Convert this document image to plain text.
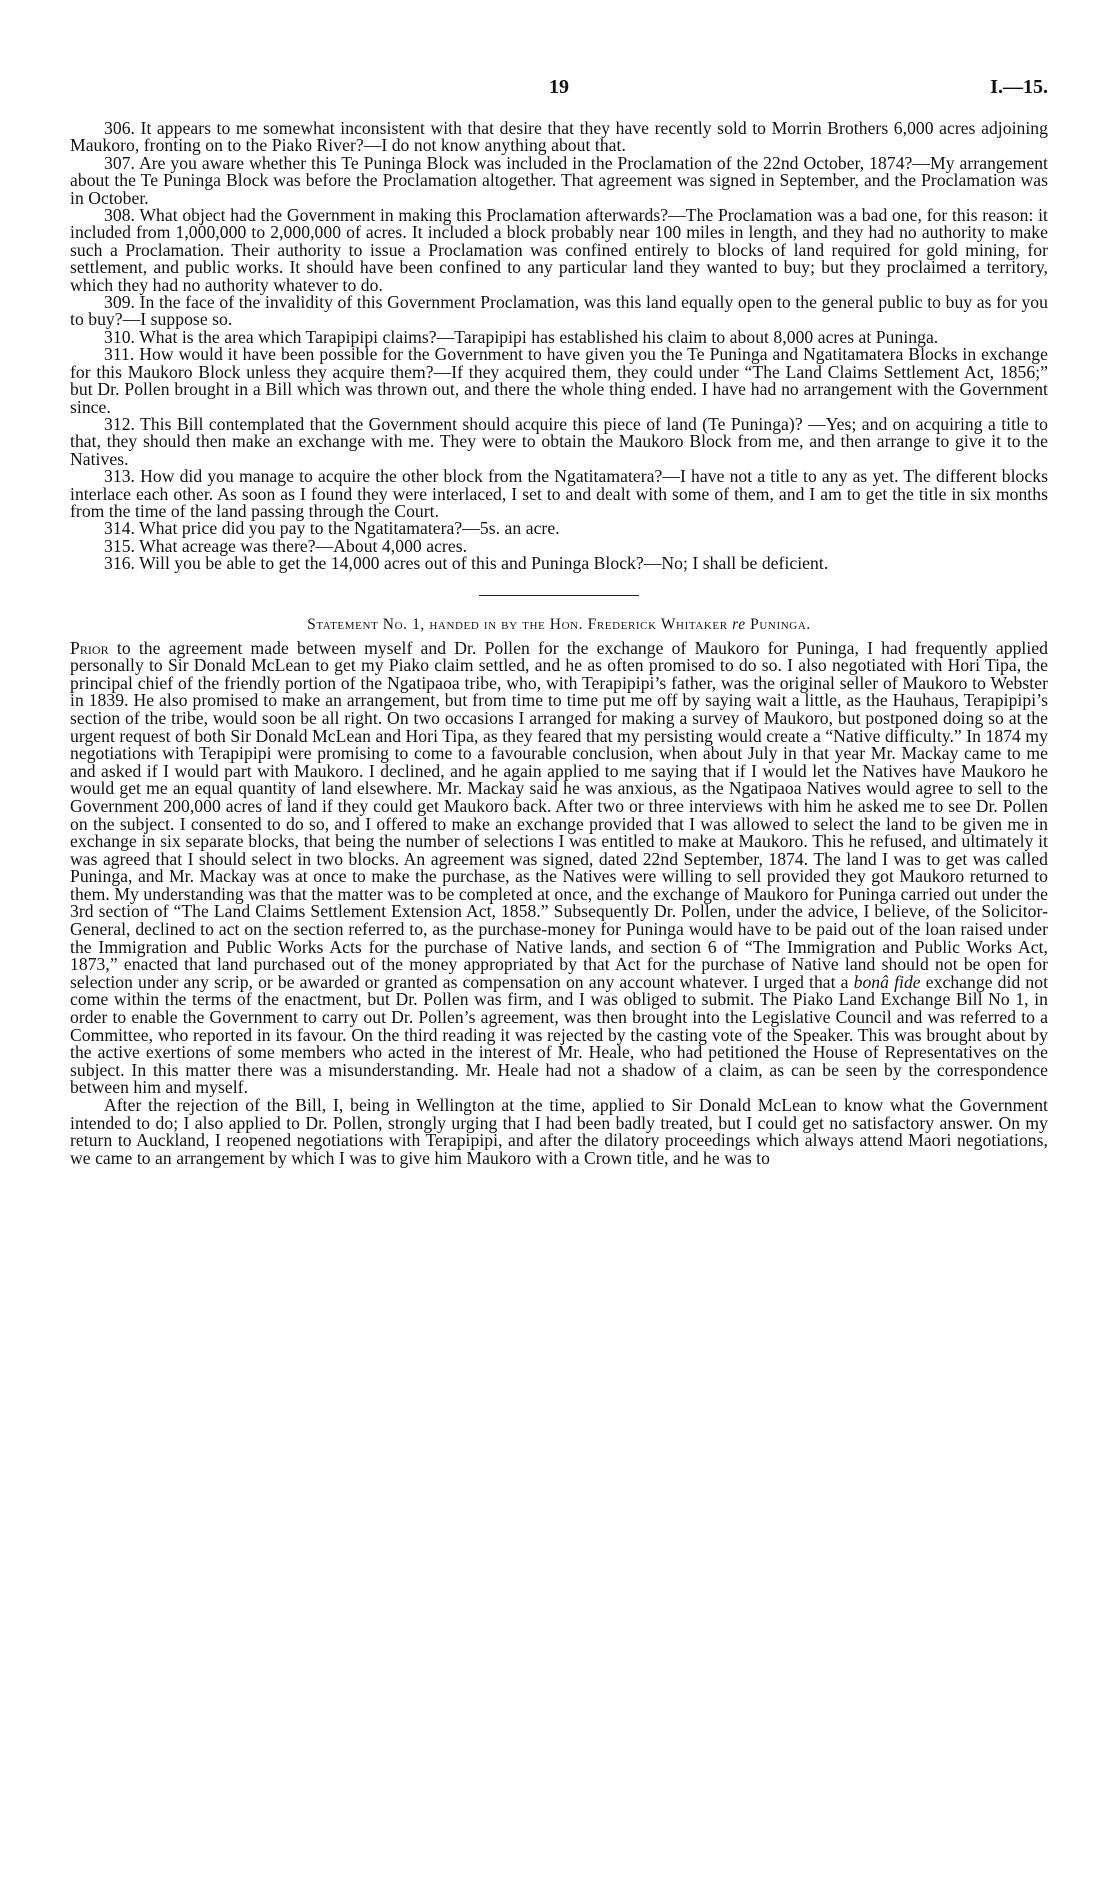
19	I.—15.

306. It appears to me somewhat inconsistent with that desire that they have recently sold to Morrin Brothers 6,000 acres adjoining Maukoro, fronting on to the Piako River?—I do not know anything about that.

307. Are you aware whether this Te Puninga Block was included in the Proclamation of the 22nd October, 1874?—My arrangement about the Te Puninga Block was before the Proclamation altogether. That agreement was signed in September, and the Proclamation was in October.

308. What object had the Government in making this Proclamation afterwards?—The Proclamation was a bad one, for this reason: it included from 1,000,000 to 2,000,000 of acres. It included a block probably near 100 miles in length, and they had no authority to make such a Proclamation. Their authority to issue a Proclamation was confined entirely to blocks of land required for gold mining, for settlement, and public works. It should have been confined to any particular land they wanted to buy; but they proclaimed a territory, which they had no authority whatever to do.

309. In the face of the invalidity of this Government Proclamation, was this land equally open to the general public to buy as for you to buy?—I suppose so.

310. What is the area which Tarapipipi claims?—Tarapipipi has established his claim to about 8,000 acres at Puninga.

311. How would it have been possible for the Government to have given you the Te Puninga and Ngatitamatera Blocks in exchange for this Maukoro Block unless they acquire them?—If they acquired them, they could under “The Land Claims Settlement Act, 1856;” but Dr. Pollen brought in a Bill which was thrown out, and there the whole thing ended. I have had no arrangement with the Government since.

312. This Bill contemplated that the Government should acquire this piece of land (Te Puninga)? —Yes; and on acquiring a title to that, they should then make an exchange with me. They were to obtain the Maukoro Block from me, and then arrange to give it to the Natives.

313. How did you manage to acquire the other block from the Ngatitamatera?—I have not a title to any as yet. The different blocks interlace each other. As soon as I found they were interlaced, I set to and dealt with some of them, and I am to get the title in six months from the time of the land passing through the Court.

314. What price did you pay to the Ngatitamatera?—5s. an acre.

315. What acreage was there?—About 4,000 acres.

316. Will you be able to get the 14,000 acres out of this and Puninga Block?—No; I shall be deficient.

Statement No. 1, handed in by the Hon. Frederick Whitaker re Puninga.

Prior to the agreement made between myself and Dr. Pollen for the exchange of Maukoro for Puninga, I had frequently applied personally to Sir Donald McLean to get my Piako claim settled, and he as often promised to do so. I also negotiated with Hori Tipa, the principal chief of the friendly portion of the Ngatipaoa tribe, who, with Terapipipi’s father, was the original seller of Maukoro to Webster in 1839. He also promised to make an arrangement, but from time to time put me off by saying wait a little, as the Hauhaus, Terapipipi’s section of the tribe, would soon be all right. On two occasions I arranged for making a survey of Maukoro, but postponed doing so at the urgent request of both Sir Donald McLean and Hori Tipa, as they feared that my persisting would create a “Native difficulty.” In 1874 my negotiations with Terapipipi were promising to come to a favourable conclusion, when about July in that year Mr. Mackay came to me and asked if I would part with Maukoro. I declined, and he again applied to me saying that if I would let the Natives have Maukoro he would get me an equal quantity of land elsewhere. Mr. Mackay said he was anxious, as the Ngatipaoa Natives would agree to sell to the Government 200,000 acres of land if they could get Maukoro back. After two or three interviews with him he asked me to see Dr. Pollen on the subject. I consented to do so, and I offered to make an exchange provided that I was allowed to select the land to be given me in exchange in six separate blocks, that being the number of selections I was entitled to make at Maukoro. This he refused, and ultimately it was agreed that I should select in two blocks. An agreement was signed, dated 22nd September, 1874. The land I was to get was called Puninga, and Mr. Mackay was at once to make the purchase, as the Natives were willing to sell provided they got Maukoro returned to them. My understanding was that the matter was to be completed at once, and the exchange of Maukoro for Puninga carried out under the 3rd section of “The Land Claims Settlement Extension Act, 1858.” Subsequently Dr. Pollen, under the advice, I believe, of the Solicitor-General, declined to act on the section referred to, as the purchase-money for Puninga would have to be paid out of the loan raised under the Immigration and Public Works Acts for the purchase of Native lands, and section 6 of “The Immigration and Public Works Act, 1873,” enacted that land purchased out of the money appropriated by that Act for the purchase of Native land should not be open for selection under any scrip, or be awarded or granted as compensation on any account whatever. I urged that a bonâ fide exchange did not come within the terms of the enactment, but Dr. Pollen was firm, and I was obliged to submit. The Piako Land Exchange Bill No 1, in order to enable the Government to carry out Dr. Pollen’s agreement, was then brought into the Legislative Council and was referred to a Committee, who reported in its favour. On the third reading it was rejected by the casting vote of the Speaker. This was brought about by the active exertions of some members who acted in the interest of Mr. Heale, who had petitioned the House of Representatives on the subject. In this matter there was a misunderstanding. Mr. Heale had not a shadow of a claim, as can be seen by the correspondence between him and myself.

After the rejection of the Bill, I, being in Wellington at the time, applied to Sir Donald McLean to know what the Government intended to do; I also applied to Dr. Pollen, strongly urging that I had been badly treated, but I could get no satisfactory answer. On my return to Auckland, I reopened negotiations with Terapipipi, and after the dilatory proceedings which always attend Maori negotiations, we came to an arrangement by which I was to give him Maukoro with a Crown title, and he was to
